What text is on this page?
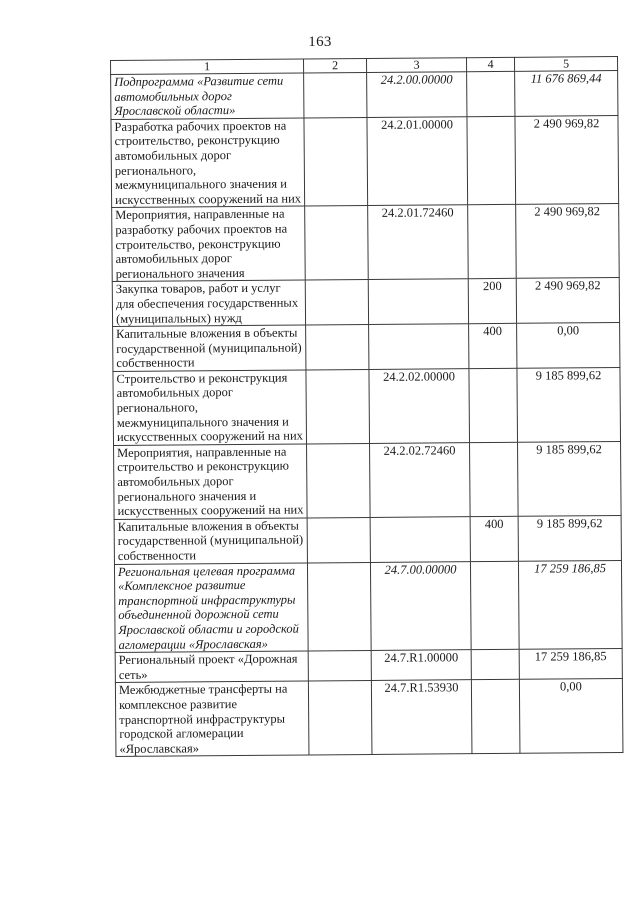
163
1	2	3	4	5
Подпрограмма «Развитие сети автомобильных дорог Ярославской области»		24.2.00.00000		11 676 869,44
Разработка рабочих проектов на строительство, реконструкцию автомобильных дорог регионального, межмуниципального значения и искусственных сооружений на них		24.2.01.00000		2 490 969,82
Мероприятия, направленные на разработку рабочих проектов на строительство, реконструкцию автомобильных дорог регионального значения		24.2.01.72460		2 490 969,82
Закупка товаров, работ и услуг для обеспечения государственных (муниципальных) нужд			200	2 490 969,82
Капитальные вложения в объекты государственной (муниципальной) собственности			400	0,00
Строительство и реконструкция автомобильных дорог регионального, межмуниципального значения и искусственных сооружений на них		24.2.02.00000		9 185 899,62
Мероприятия, направленные на строительство и реконструкцию автомобильных дорог регионального значения и искусственных сооружений на них		24.2.02.72460		9 185 899,62
Капитальные вложения в объекты государственной (муниципальной) собственности			400	9 185 899,62
Региональная целевая программа «Комплексное развитие транспортной инфраструктуры объединенной дорожной сети Ярославской области и городской агломерации «Ярославская»		24.7.00.00000		17 259 186,85
Региональный проект «Дорожная сеть»		24.7.R1.00000		17 259 186,85
Межбюджетные трансферты на комплексное развитие транспортной инфраструктуры городской агломерации «Ярославская»		24.7.R1.53930		0,00
